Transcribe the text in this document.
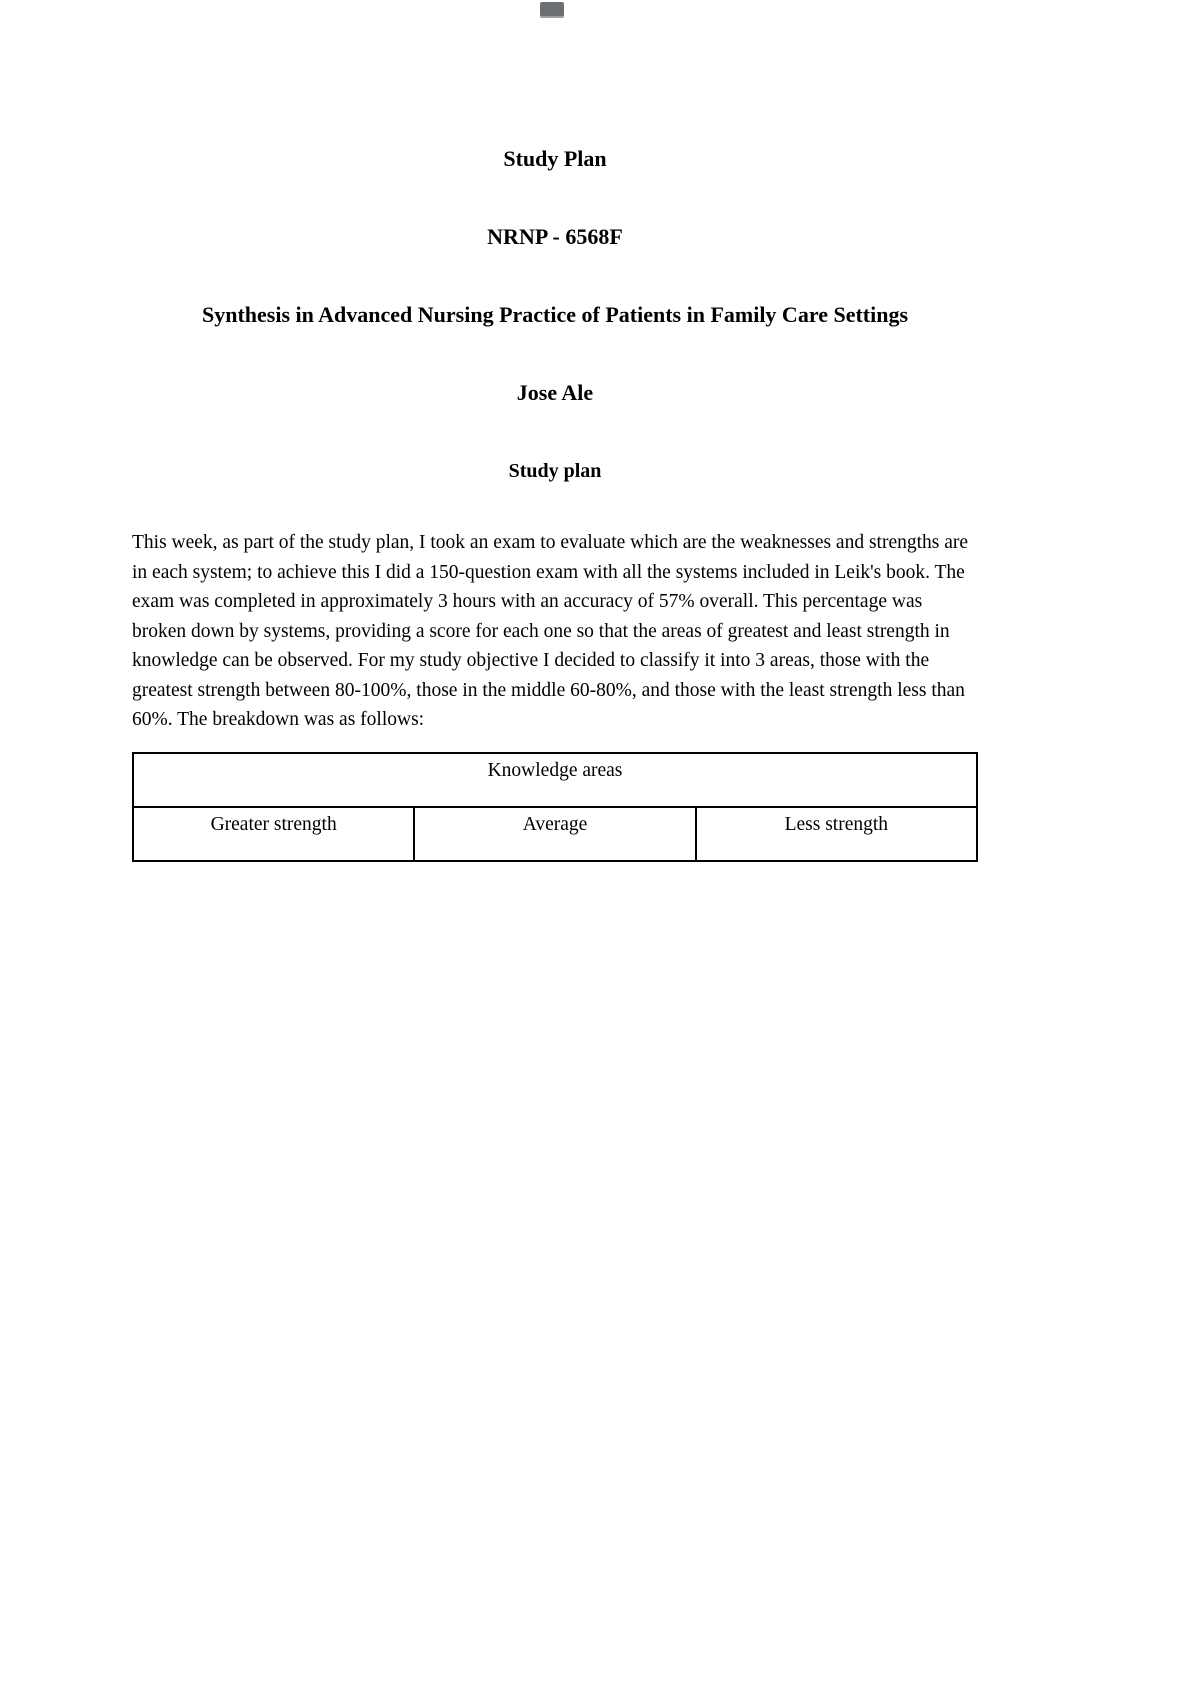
Study Plan
NRNP - 6568F
Synthesis in Advanced Nursing Practice of Patients in Family Care Settings
Jose Ale
Study plan

This week, as part of the study plan, I took an exam to evaluate which are the weaknesses and strengths are in each system; to achieve this I did a 150-question exam with all the systems included in Leik's book. The exam was completed in approximately 3 hours with an accuracy of 57% overall. This percentage was broken down by systems, providing a score for each one so that the areas of greatest and least strength in knowledge can be observed. For my study objective I decided to classify it into 3 areas, those with the greatest strength between 80-100%, those in the middle 60-80%, and those with the least strength less than 60%. The breakdown was as follows:

Knowledge areas
Greater strength	Average	Less strength
